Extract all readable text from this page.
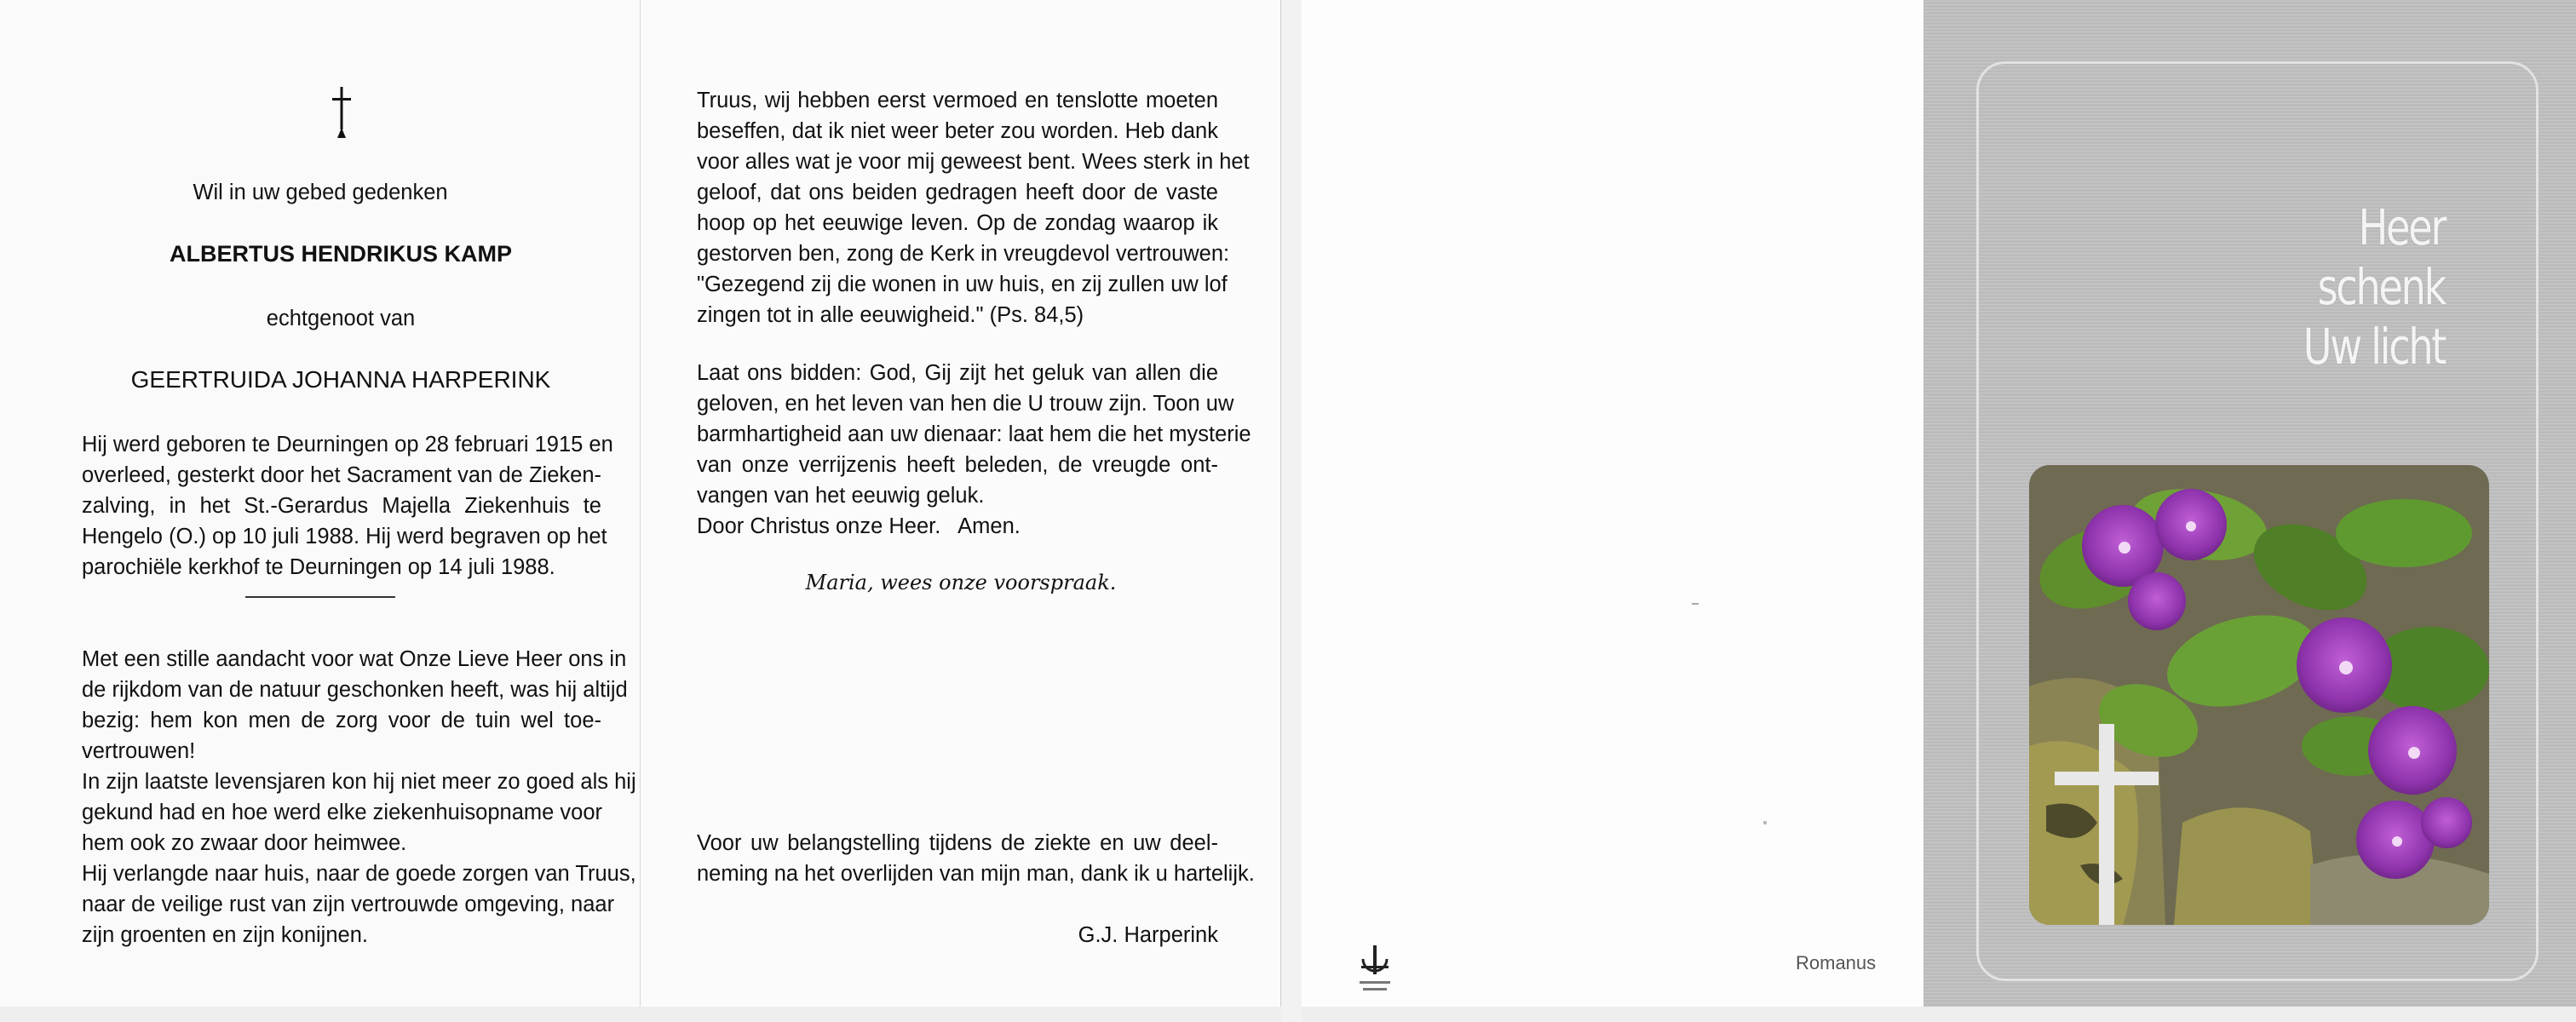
Wil in uw gebed gedenken
ALBERTUS HENDRIKUS KAMP
echtgenoot van
GEERTRUIDA JOHANNA HARPERINK
Hij werd geboren te Deurningen op 28 februari 1915 en
overleed, gesterkt door het Sacrament van de Zieken-
zalving, in het St.-Gerardus Majella Ziekenhuis te
Hengelo (O.) op 10 juli 1988. Hij werd begraven op het
parochiële kerkhof te Deurningen op 14 juli 1988.
Met een stille aandacht voor wat Onze Lieve Heer ons in
de rijkdom van de natuur geschonken heeft, was hij altijd
bezig: hem kon men de zorg voor de tuin wel toe-
vertrouwen!
In zijn laatste levensjaren kon hij niet meer zo goed als hij
gekund had en hoe werd elke ziekenhuisopname voor
hem ook zo zwaar door heimwee.
Hij verlangde naar huis, naar de goede zorgen van Truus,
naar de veilige rust van zijn vertrouwde omgeving, naar
zijn groenten en zijn konijnen.
Truus, wij hebben eerst vermoed en tenslotte moeten
beseffen, dat ik niet weer beter zou worden. Heb dank
voor alles wat je voor mij geweest bent. Wees sterk in het
geloof, dat ons beiden gedragen heeft door de vaste
hoop op het eeuwige leven. Op de zondag waarop ik
gestorven ben, zong de Kerk in vreugdevol vertrouwen:
"Gezegend zij die wonen in uw huis, en zij zullen uw lof
zingen tot in alle eeuwigheid." (Ps. 84,5)
Laat ons bidden: God, Gij zijt het geluk van allen die
geloven, en het leven van hen die U trouw zijn. Toon uw
barmhartigheid aan uw dienaar: laat hem die het mysterie
van onze verrijzenis heeft beleden, de vreugde ont-
vangen van het eeuwig geluk.
Door Christus onze Heer.   Amen.
Maria, wees onze voorspraak.
Voor uw belangstelling tijdens de ziekte en uw deel-
neming na het overlijden van mijn man, dank ik u hartelijk.
G.J. Harperink
Romanus
Heer
schenk
Uw licht
